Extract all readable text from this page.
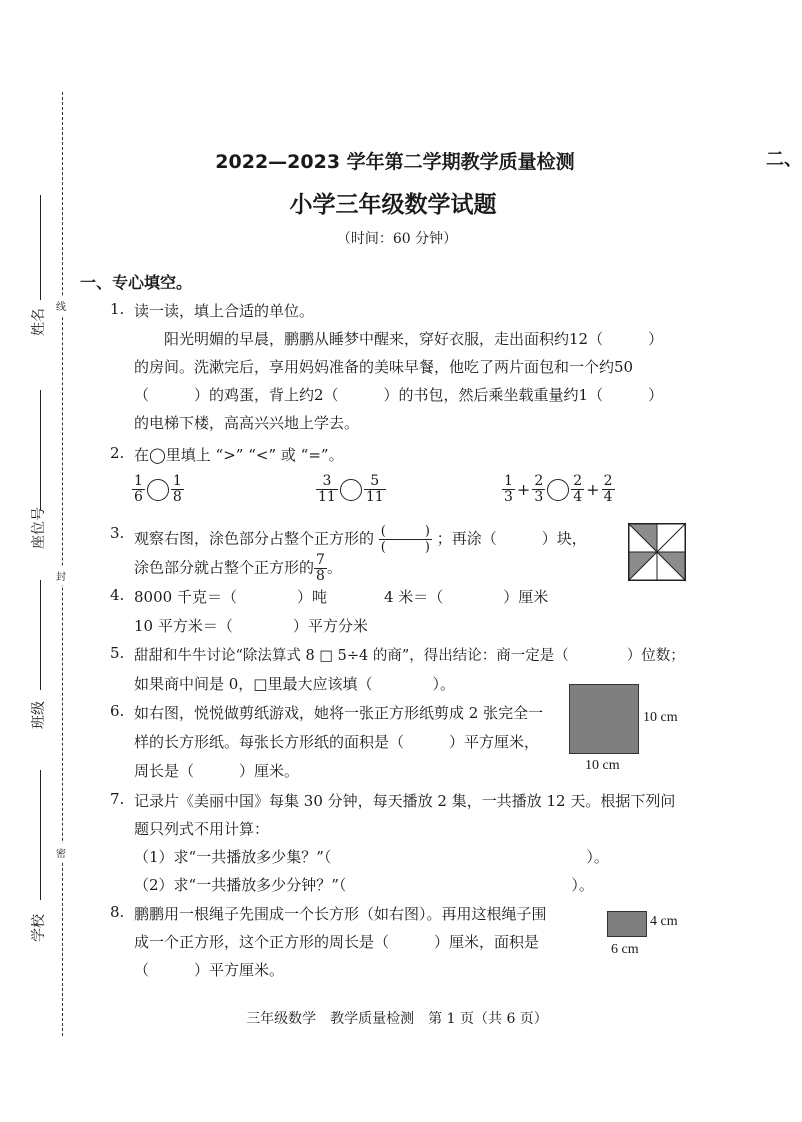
线
封
密
姓名
座位号
班级
学校
2022—2023 学年第二学期教学质量检测
小学三年级数学试题
（时间：60 分钟）
二、
一、专心填空。
1. 读一读，填上合适的单位。
阳光明媚的早晨，鹏鹏从睡梦中醒来，穿好衣服，走出面积约12（　　　）
的房间。洗漱完后，享用妈妈准备的美味早餐，他吃了两片面包和一个约50
（　　　）的鸡蛋，背上约2（　　　）的书包，然后乘坐载重量约1（　　　）
的电梯下楼，高高兴兴地上学去。
2. 在◯里填上 “>” “<” 或 “=”。
$\frac{1}{6} \frac{1}{8}$	$\frac{3}{11} \frac{5}{11}$	$\frac{1}{3} + \frac{2}{3} \frac{2}{4} + \frac{2}{4}$
3. 观察右图，涂色部分占整个正方形的 $\frac{( )}{( )}$ ；再涂（　　　）块，
涂色部分就占整个正方形的 $\frac{7}{8}$ 。
4. 8000 千克＝（　　　　）吨	4 米＝（　　　　）厘米
10 平方米＝（　　　　）平方分米
5. 甜甜和牛牛讨论“除法算式 8 □ 5÷4 的商”，得出结论：商一定是（　　　　）位数；
如果商中间是 0，□里最大应该填（　　　　）。
6. 如右图，悦悦做剪纸游戏，她将一张正方形纸剪成 2 张完全一
样的长方形纸。每张长方形纸的面积是（　　　）平方厘米，
周长是（　　　）厘米。
10 cm
10 cm
7. 记录片《美丽中国》每集 30 分钟，每天播放 2 集，一共播放 12 天。根据下列问
题只列式不用计算：
（1）求“一共播放多少集？”（　　　　　　　　　　　　　　　　　）。
（2）求“一共播放多少分钟？”（　　　　　　　　　　　　　　　）。
8. 鹏鹏用一根绳子先围成一个长方形（如右图）。再用这根绳子围
成一个正方形，这个正方形的周长是（　　　）厘米，面积是
（　　　）平方厘米。
4 cm
6 cm
三年级数学　教学质量检测　第 1 页（共 6 页）
